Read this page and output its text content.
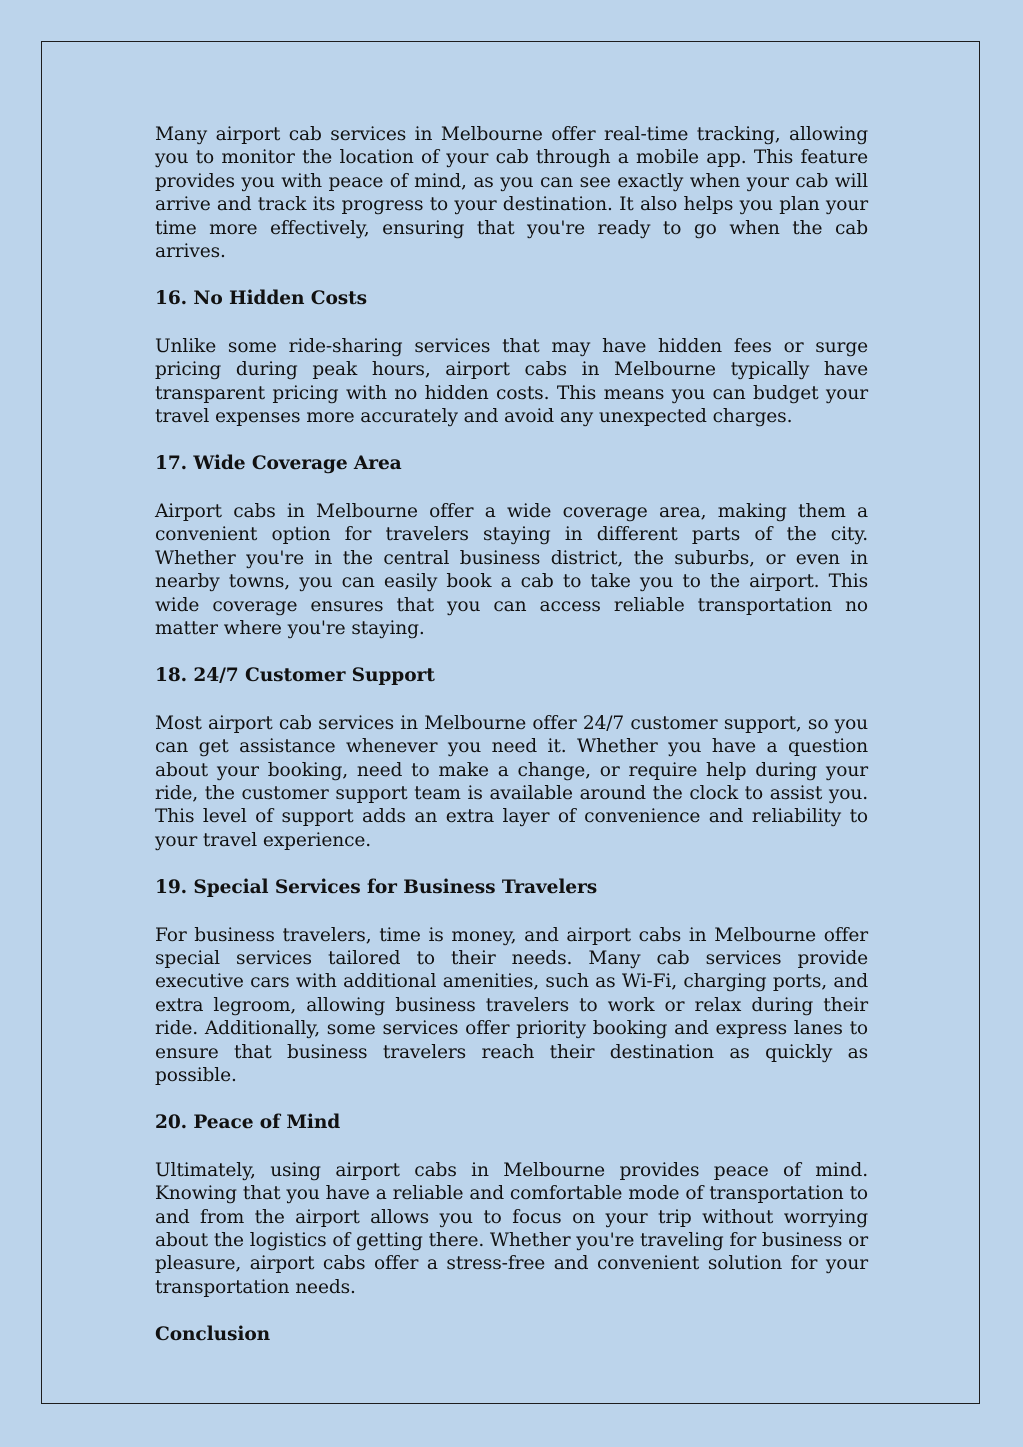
Many airport cab services in Melbourne offer real-time tracking, allowing you to monitor the location of your cab through a mobile app. This feature provides you with peace of mind, as you can see exactly when your cab will arrive and track its progress to your destination. It also helps you plan your time more effectively, ensuring that you're ready to go when the cab arrives.

16. No Hidden Costs

Unlike some ride-sharing services that may have hidden fees or surge pricing during peak hours, airport cabs in Melbourne typically have transparent pricing with no hidden costs. This means you can budget your travel expenses more accurately and avoid any unexpected charges.

17. Wide Coverage Area

Airport cabs in Melbourne offer a wide coverage area, making them a convenient option for travelers staying in different parts of the city. Whether you're in the central business district, the suburbs, or even in nearby towns, you can easily book a cab to take you to the airport. This wide coverage ensures that you can access reliable transportation no matter where you're staying.

18. 24/7 Customer Support

Most airport cab services in Melbourne offer 24/7 customer support, so you can get assistance whenever you need it. Whether you have a question about your booking, need to make a change, or require help during your ride, the customer support team is available around the clock to assist you. This level of support adds an extra layer of convenience and reliability to your travel experience.

19. Special Services for Business Travelers

For business travelers, time is money, and airport cabs in Melbourne offer special services tailored to their needs. Many cab services provide executive cars with additional amenities, such as Wi-Fi, charging ports, and extra legroom, allowing business travelers to work or relax during their ride. Additionally, some services offer priority booking and express lanes to ensure that business travelers reach their destination as quickly as possible.

20. Peace of Mind

Ultimately, using airport cabs in Melbourne provides peace of mind. Knowing that you have a reliable and comfortable mode of transportation to and from the airport allows you to focus on your trip without worrying about the logistics of getting there. Whether you're traveling for business or pleasure, airport cabs offer a stress-free and convenient solution for your transportation needs.

Conclusion
